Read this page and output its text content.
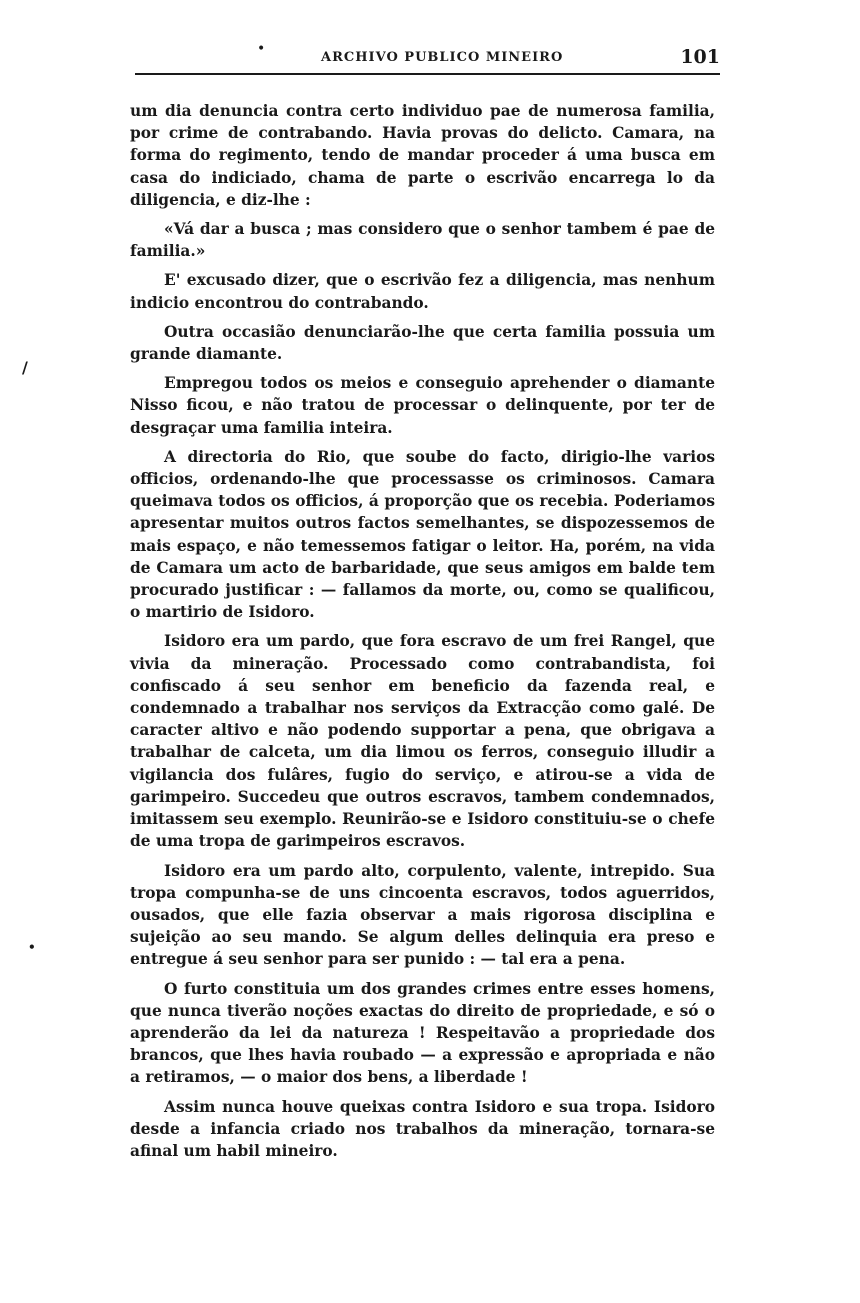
•
ARCHIVO PUBLICO MINEIRO	101
/
•

um dia denuncia contra certo individuo pae de numerosa familia, por crime de contrabando. Havia provas do delicto. Camara, na forma do regimento, tendo de mandar proceder á uma busca em casa do indiciado, chama de parte o escrivão encarrega lo da diligencia, e diz-lhe :

«Vá dar a busca ; mas considero que o senhor tambem é pae de familia.»

E' excusado dizer, que o escrivão fez a diligencia, mas nenhum indicio encontrou do contrabando.

Outra occasião denunciarão-lhe que certa familia possuia um grande diamante.

Empregou todos os meios e conseguio aprehender o diamante Nisso ficou, e não tratou de processar o delinquente, por ter de desgraçar uma familia inteira.

A directoria do Rio, que soube do facto, dirigio-lhe varios officios, ordenando-lhe que processasse os criminosos. Camara queimava todos os officios, á proporção que os recebia. Poderiamos apresentar muitos outros factos semelhantes, se dispozessemos de mais espaço, e não temessemos fatigar o leitor. Ha, porém, na vida de Camara um acto de barbaridade, que seus amigos em balde tem procurado justificar : — fallamos da morte, ou, como se qualificou, o martirio de Isidoro.

Isidoro era um pardo, que fora escravo de um frei Rangel, que vivia da mineração. Processado como contrabandista, foi confiscado á seu senhor em beneficio da fazenda real, e condemnado a trabalhar nos serviços da Extracção como galé. De caracter altivo e não podendo supportar a pena, que obrigava a trabalhar de calceta, um dia limou os ferros, conseguio illudir a vigilancia dos fulâres, fugio do serviço, e atirou-se a vida de garimpeiro. Succedeu que outros escravos, tambem condemnados, imitassem seu exemplo. Reunirão-se e Isidoro constituiu-se o chefe de uma tropa de garimpeiros escravos.

Isidoro era um pardo alto, corpulento, valente, intrepido. Sua tropa compunha-se de uns cincoenta escravos, todos aguerridos, ousados, que elle fazia observar a mais rigorosa disciplina e sujeição ao seu mando. Se algum delles delinquia era preso e entregue á seu senhor para ser punido : — tal era a pena.

O furto constituia um dos grandes crimes entre esses homens, que nunca tiverão noções exactas do direito de propriedade, e só o aprenderão da lei da natureza ! Respeitavão a propriedade dos brancos, que lhes havia roubado — a expressão e apropriada e não a retiramos, — o maior dos bens, a liberdade !

Assim nunca houve queixas contra Isidoro e sua tropa. Isidoro desde a infancia criado nos trabalhos da mineração, tornara-se afinal um habil mineiro.
